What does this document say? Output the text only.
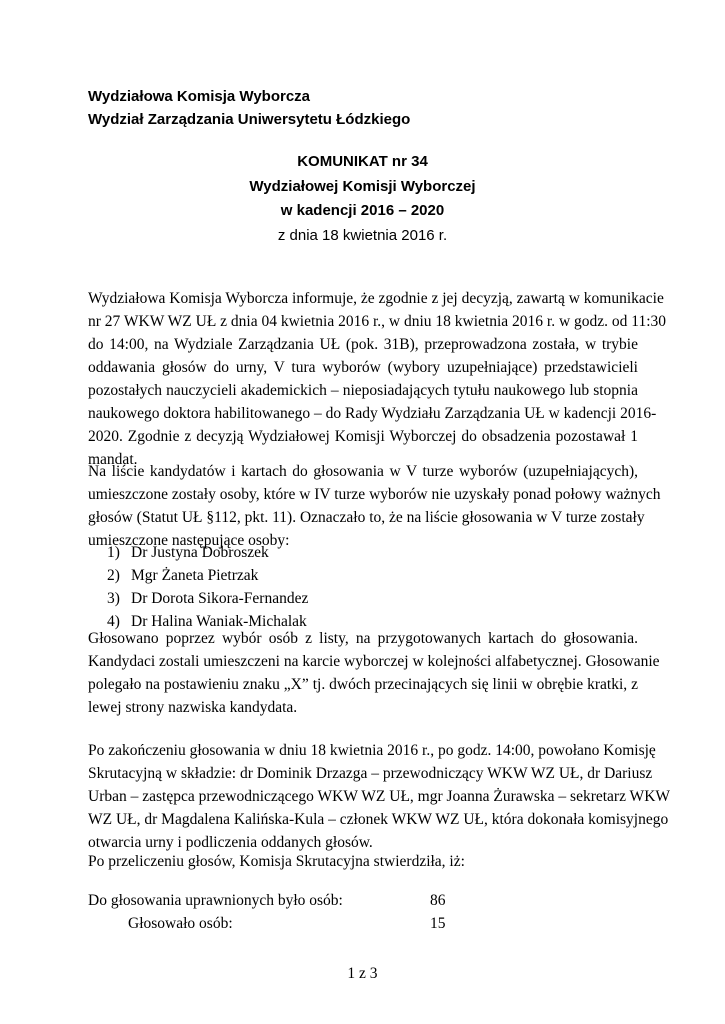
Wydziałowa Komisja Wyborcza
Wydział Zarządzania Uniwersytetu Łódzkiego
KOMUNIKAT nr 34
Wydziałowej Komisji Wyborczej
w kadencji 2016 – 2020
z dnia 18 kwietnia 2016 r.
Wydziałowa Komisja Wyborcza informuje, że zgodnie z jej decyzją, zawartą w komunikacie
nr 27 WKW WZ UŁ z dnia 04 kwietnia 2016 r., w dniu 18 kwietnia 2016 r. w godz. od 11:30
do 14:00, na Wydziale Zarządzania UŁ (pok. 31B), przeprowadzona została, w trybie
oddawania głosów do urny, V tura wyborów (wybory uzupełniające) przedstawicieli
pozostałych nauczycieli akademickich – nieposiadających tytułu naukowego lub stopnia
naukowego doktora habilitowanego – do Rady Wydziału Zarządzania UŁ w kadencji 2016-
2020. Zgodnie z decyzją Wydziałowej Komisji Wyborczej do obsadzenia pozostawał 1
mandat.
Na liście kandydatów i kartach do głosowania w V turze wyborów (uzupełniających),
umieszczone zostały osoby, które w IV turze wyborów nie uzyskały ponad połowy ważnych
głosów (Statut UŁ §112, pkt. 11). Oznaczało to, że na liście głosowania w V turze zostały
umieszczone następujące osoby:
1) Dr Justyna Dobroszek
2) Mgr Żaneta Pietrzak
3) Dr Dorota Sikora-Fernandez
4) Dr Halina Waniak-Michalak
Głosowano poprzez wybór osób z listy, na przygotowanych kartach do głosowania.
Kandydaci zostali umieszczeni na karcie wyborczej w kolejności alfabetycznej. Głosowanie
polegało na postawieniu znaku „X” tj. dwóch przecinających się linii w obrębie kratki, z
lewej strony nazwiska kandydata.
Po zakończeniu głosowania w dniu 18 kwietnia 2016 r., po godz. 14:00, powołano Komisję
Skrutacyjną w składzie: dr Dominik Drzazga – przewodniczący WKW WZ UŁ, dr Dariusz
Urban – zastępca przewodniczącego WKW WZ UŁ, mgr Joanna Żurawska – sekretarz WKW
WZ UŁ, dr Magdalena Kalińska-Kula – członek WKW WZ UŁ, która dokonała komisyjnego
otwarcia urny i podliczenia oddanych głosów.
Po przeliczeniu głosów, Komisja Skrutacyjna stwierdziła, iż:
Do głosowania uprawnionych było osób:	86
Głosowało osób:	15
1 z 3
